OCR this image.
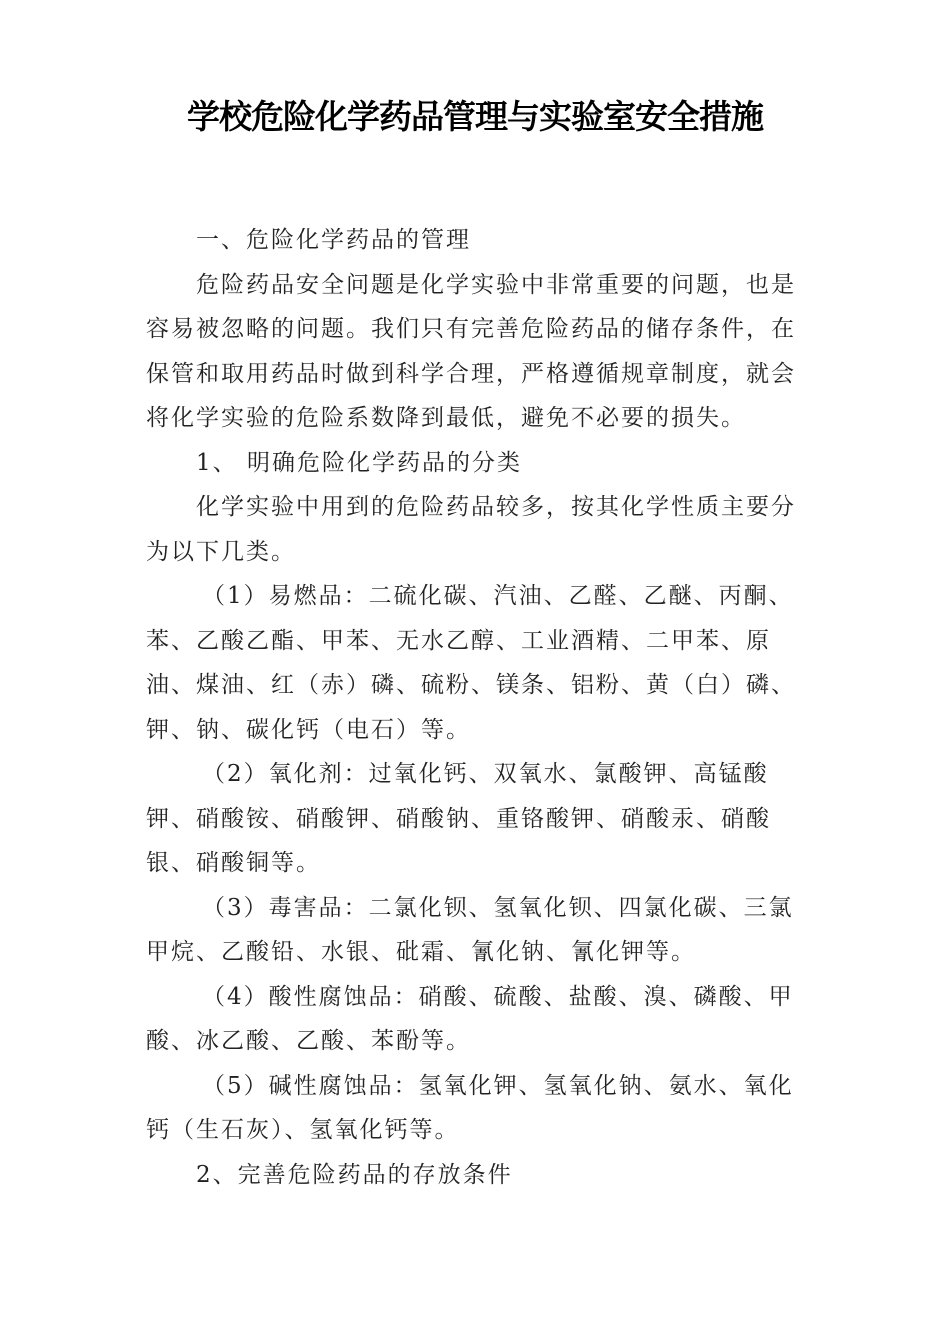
学校危险化学药品管理与实验室安全措施

一、危险化学药品的管理

危险药品安全问题是化学实验中非常重要的问题，也是容易被忽略的问题。我们只有完善危险药品的储存条件，在保管和取用药品时做到科学合理，严格遵循规章制度，就会将化学实验的危险系数降到最低，避免不必要的损失。

1、 明确危险化学药品的分类

化学实验中用到的危险药品较多，按其化学性质主要分为以下几类。

（1）易燃品：二硫化碳、汽油、乙醛、乙醚、丙酮、苯、乙酸乙酯、甲苯、无水乙醇、工业酒精、二甲苯、原油、煤油、红（赤）磷、硫粉、镁条、铝粉、黄（白）磷、钾、钠、碳化钙（电石）等。

（2）氧化剂：过氧化钙、双氧水、氯酸钾、高锰酸钾、硝酸铵、硝酸钾、硝酸钠、重铬酸钾、硝酸汞、硝酸银、硝酸铜等。

（3）毒害品：二氯化钡、氢氧化钡、四氯化碳、三氯甲烷、乙酸铅、水银、砒霜、氰化钠、氰化钾等。

（4）酸性腐蚀品：硝酸、硫酸、盐酸、溴、磷酸、甲酸、冰乙酸、乙酸、苯酚等。

（5）碱性腐蚀品：氢氧化钾、氢氧化钠、氨水、氧化钙（生石灰）、氢氧化钙等。

2、完善危险药品的存放条件
